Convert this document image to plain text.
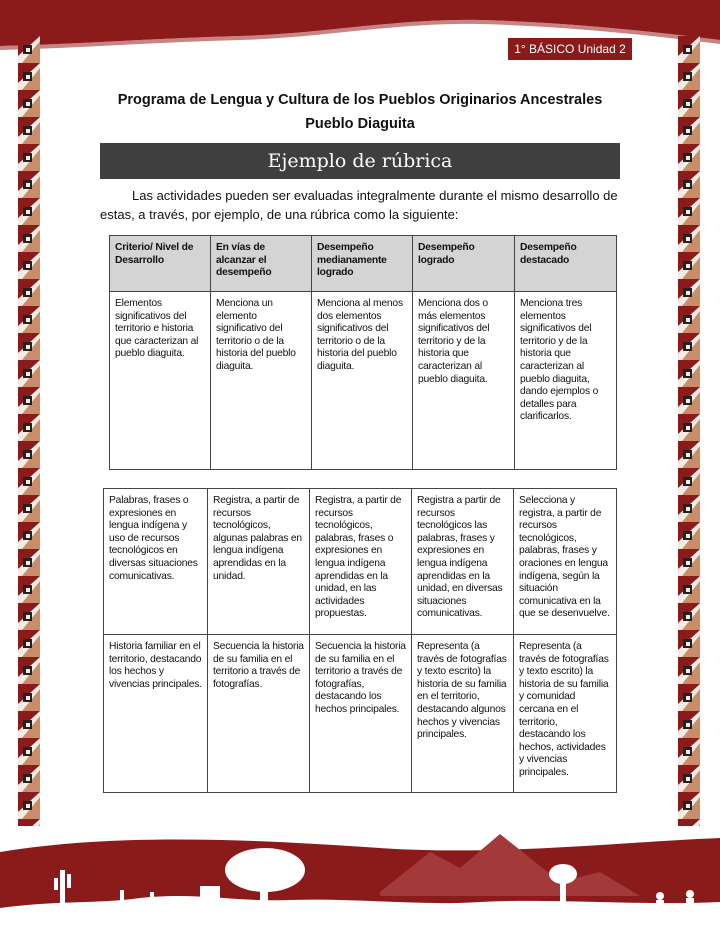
1° BÁSICO Unidad 2
Programa de Lengua y Cultura de los Pueblos Originarios Ancestrales
Pueblo Diaguita
Ejemplo de rúbrica

Las actividades pueden ser evaluadas integralmente durante el mismo desarrollo de estas, a través, por ejemplo, de una rúbrica como la siguiente:

Criterio/ Nivel de Desarrollo	En vías de alcanzar el desempeño	Desempeño medianamente logrado	Desempeño logrado	Desempeño destacado
Elementos significativos del territorio e historia que caracterizan al pueblo diaguita.	Menciona un elemento significativo del territorio o de la historia del pueblo diaguita.	Menciona al menos dos elementos significativos del territorio o de la historia del pueblo diaguita.	Menciona dos o más elementos significativos del territorio y de la historia que caracterizan al pueblo diaguita.	Menciona tres elementos significativos del territorio y de la historia que caracterizan al pueblo diaguita, dando ejemplos o detalles para clarificarlos.
Palabras, frases o expresiones en lengua indígena y uso de recursos tecnológicos en diversas situaciones comunicativas.	Registra, a partir de recursos tecnológicos, algunas palabras en lengua indígena aprendidas en la unidad.	Registra, a partir de recursos tecnológicos, palabras, frases o expresiones en lengua indígena aprendidas en la unidad, en las actividades propuestas.	Registra a partir de recursos tecnológicos las palabras, frases y expresiones en lengua indígena aprendidas en la unidad, en diversas situaciones comunicativas.	Selecciona y registra, a partir de recursos tecnológicos, palabras, frases y oraciones en lengua indígena, según la situación comunicativa en la que se desenvuelve.
Historia familiar en el territorio, destacando los hechos y vivencias principales.	Secuencia la historia de su familia en el territorio a través de fotografías.	Secuencia la historia de su familia en el territorio a través de fotografías, destacando los hechos principales.	Representa (a través de fotografías y texto escrito) la historia de su familia en el territorio, destacando algunos hechos y vivencias principales.	Representa (a través de fotografías y texto escrito) la historia de su familia y comunidad cercana en el territorio, destacando los hechos, actividades y vivencias principales.
